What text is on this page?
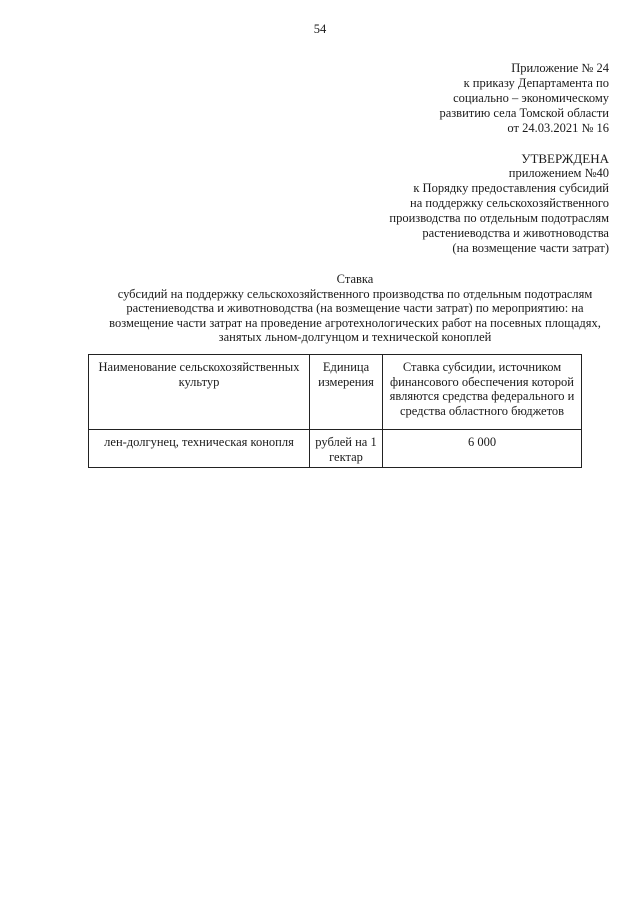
54
Приложение № 24
к приказу Департамента по
социально – экономическому
развитию села Томской области
от 24.03.2021 № 16
УТВЕРЖДЕНА
приложением №40
к Порядку предоставления субсидий
на поддержку сельскохозяйственного
производства по отдельным подотраслям
растениеводства и животноводства
(на возмещение части затрат)
Ставка
субсидий на поддержку сельскохозяйственного производства по отдельным подотраслям
растениеводства и животноводства (на возмещение части затрат) по мероприятию: на
возмещение части затрат на проведение агротехнологических работ на посевных площадях,
занятых льном-долгунцом и технической коноплей
Наименование сельскохозяйственных культур	Единица измерения	Ставка субсидии, источником финансового обеспечения которой являются средства федерального и средства областного бюджетов
лен-долгунец, техническая конопля	рублей на 1 гектар	6 000
